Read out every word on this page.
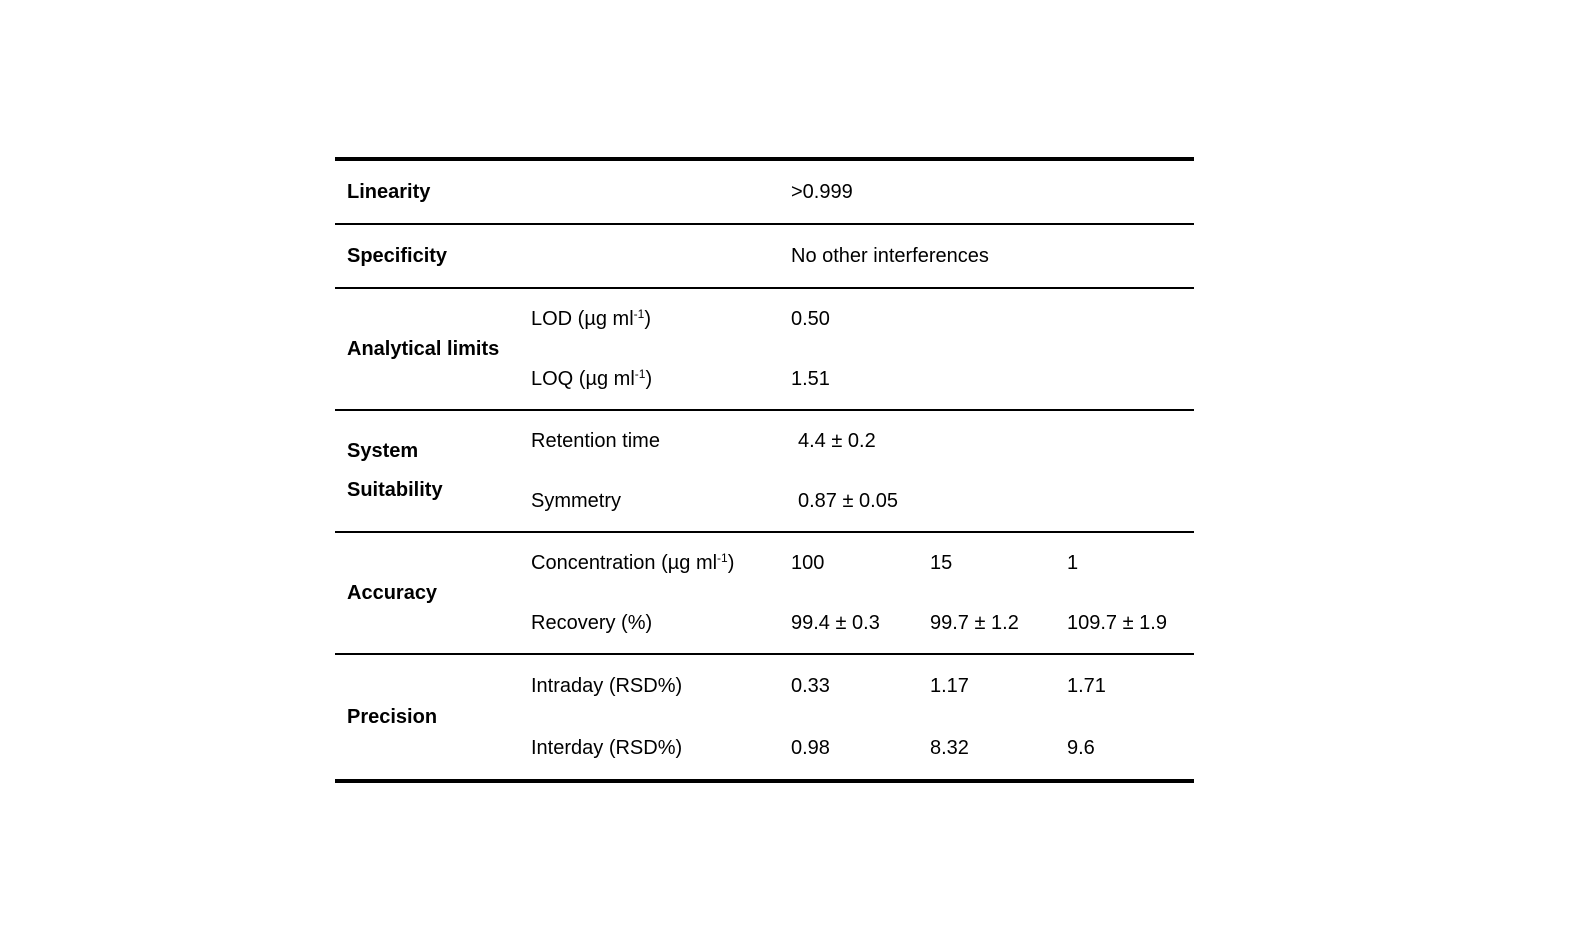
Linearity	>0.999
Specificity	No other interferences
Analytical limits
LOD (µg $ml^{-1}$)	0.50
LOQ (µg $ml^{-1}$)	1.51
System
Suitability
Retention time	4.4 ± 0.2
Symmetry	0.87 ± 0.05
Accuracy
Concentration (µg $ml^{-1}$)	100	15	1
Recovery (%)	99.4 ± 0.3	99.7 ± 1.2	109.7 ± 1.9
Precision
Intraday (RSD%)	0.33	1.17	1.71
Interday (RSD%)	0.98	8.32	9.6
